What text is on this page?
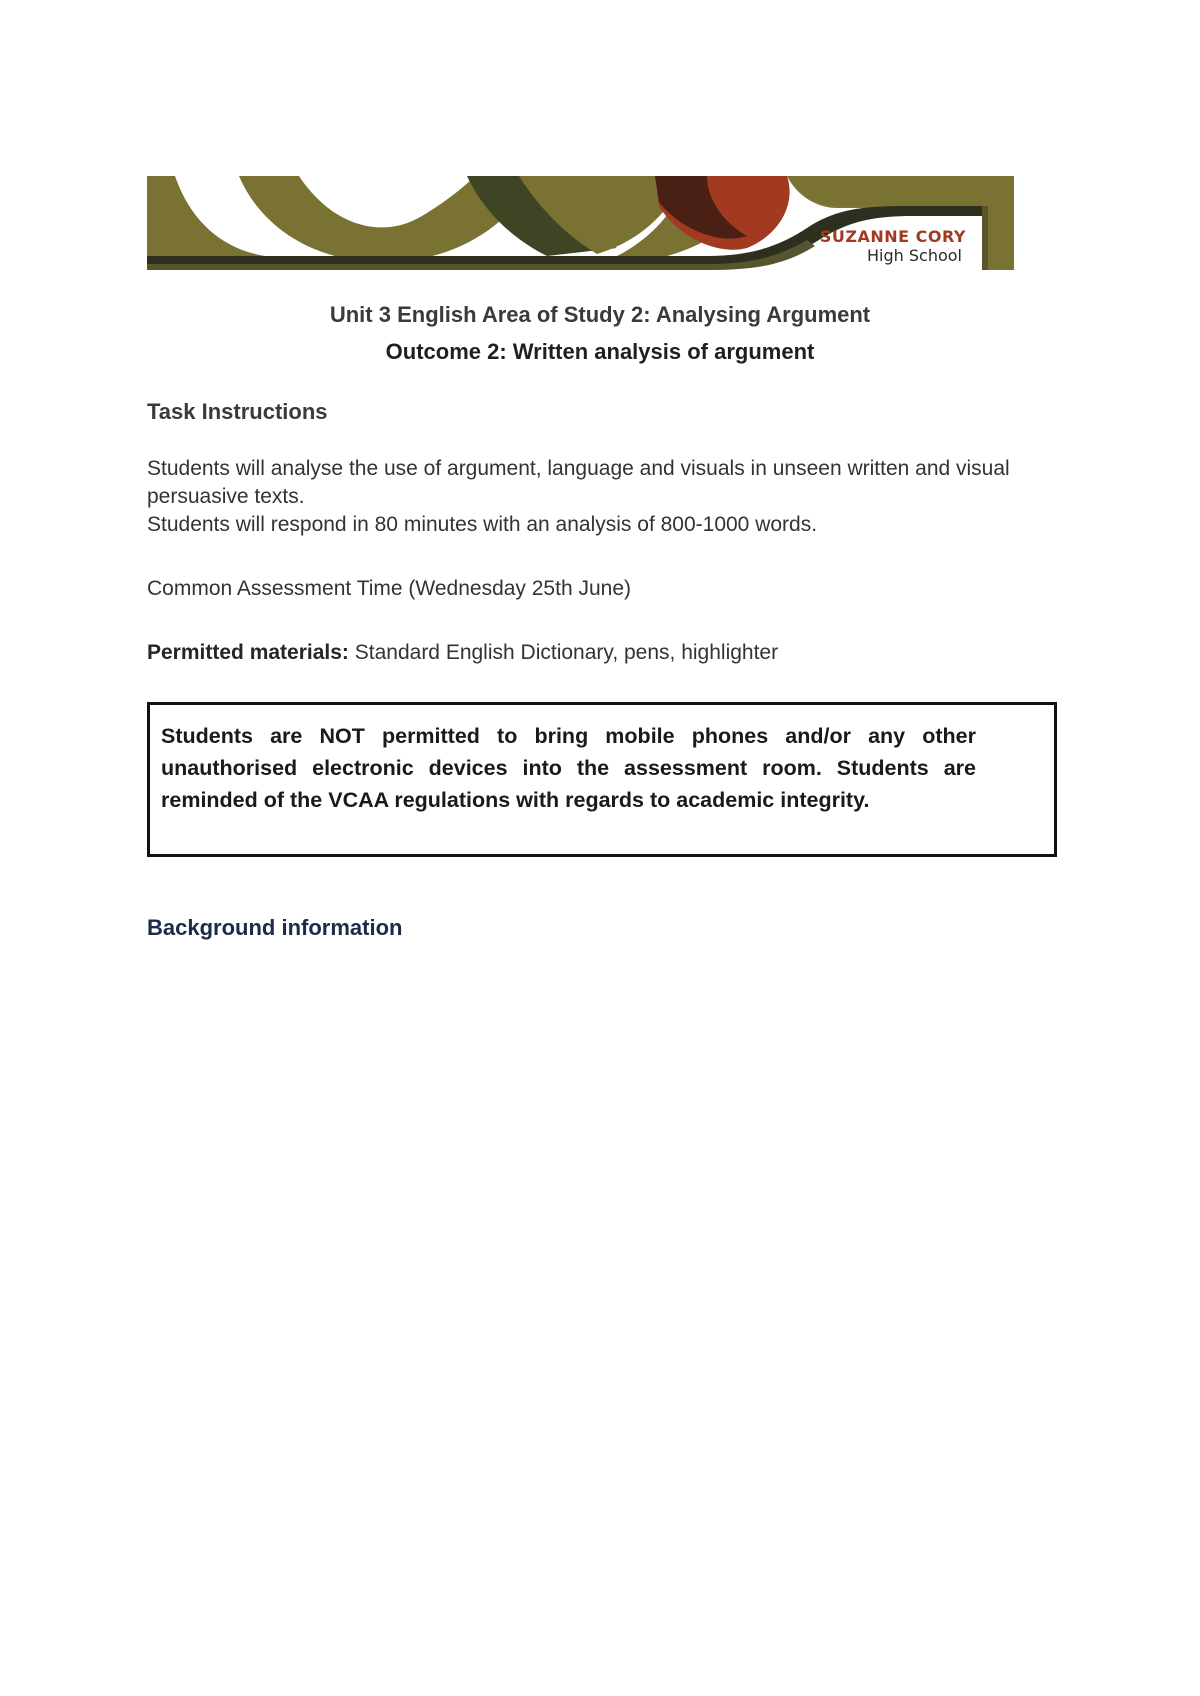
SUZANNE CORY
High School
Unit 3 English Area of Study 2: Analysing Argument
Outcome 2: Written analysis of argument
Task Instructions
Students will analyse the use of argument, language and visuals in unseen written and visual persuasive texts.
Students will respond in 80 minutes with an analysis of 800-1000 words.
Common Assessment Time (Wednesday 25th June)
Permitted materials: Standard English Dictionary, pens, highlighter
Students are NOT permitted to bring mobile phones and/or any other unauthorised electronic devices into the assessment room. Students are reminded of the VCAA regulations with regards to academic integrity.
Background information
